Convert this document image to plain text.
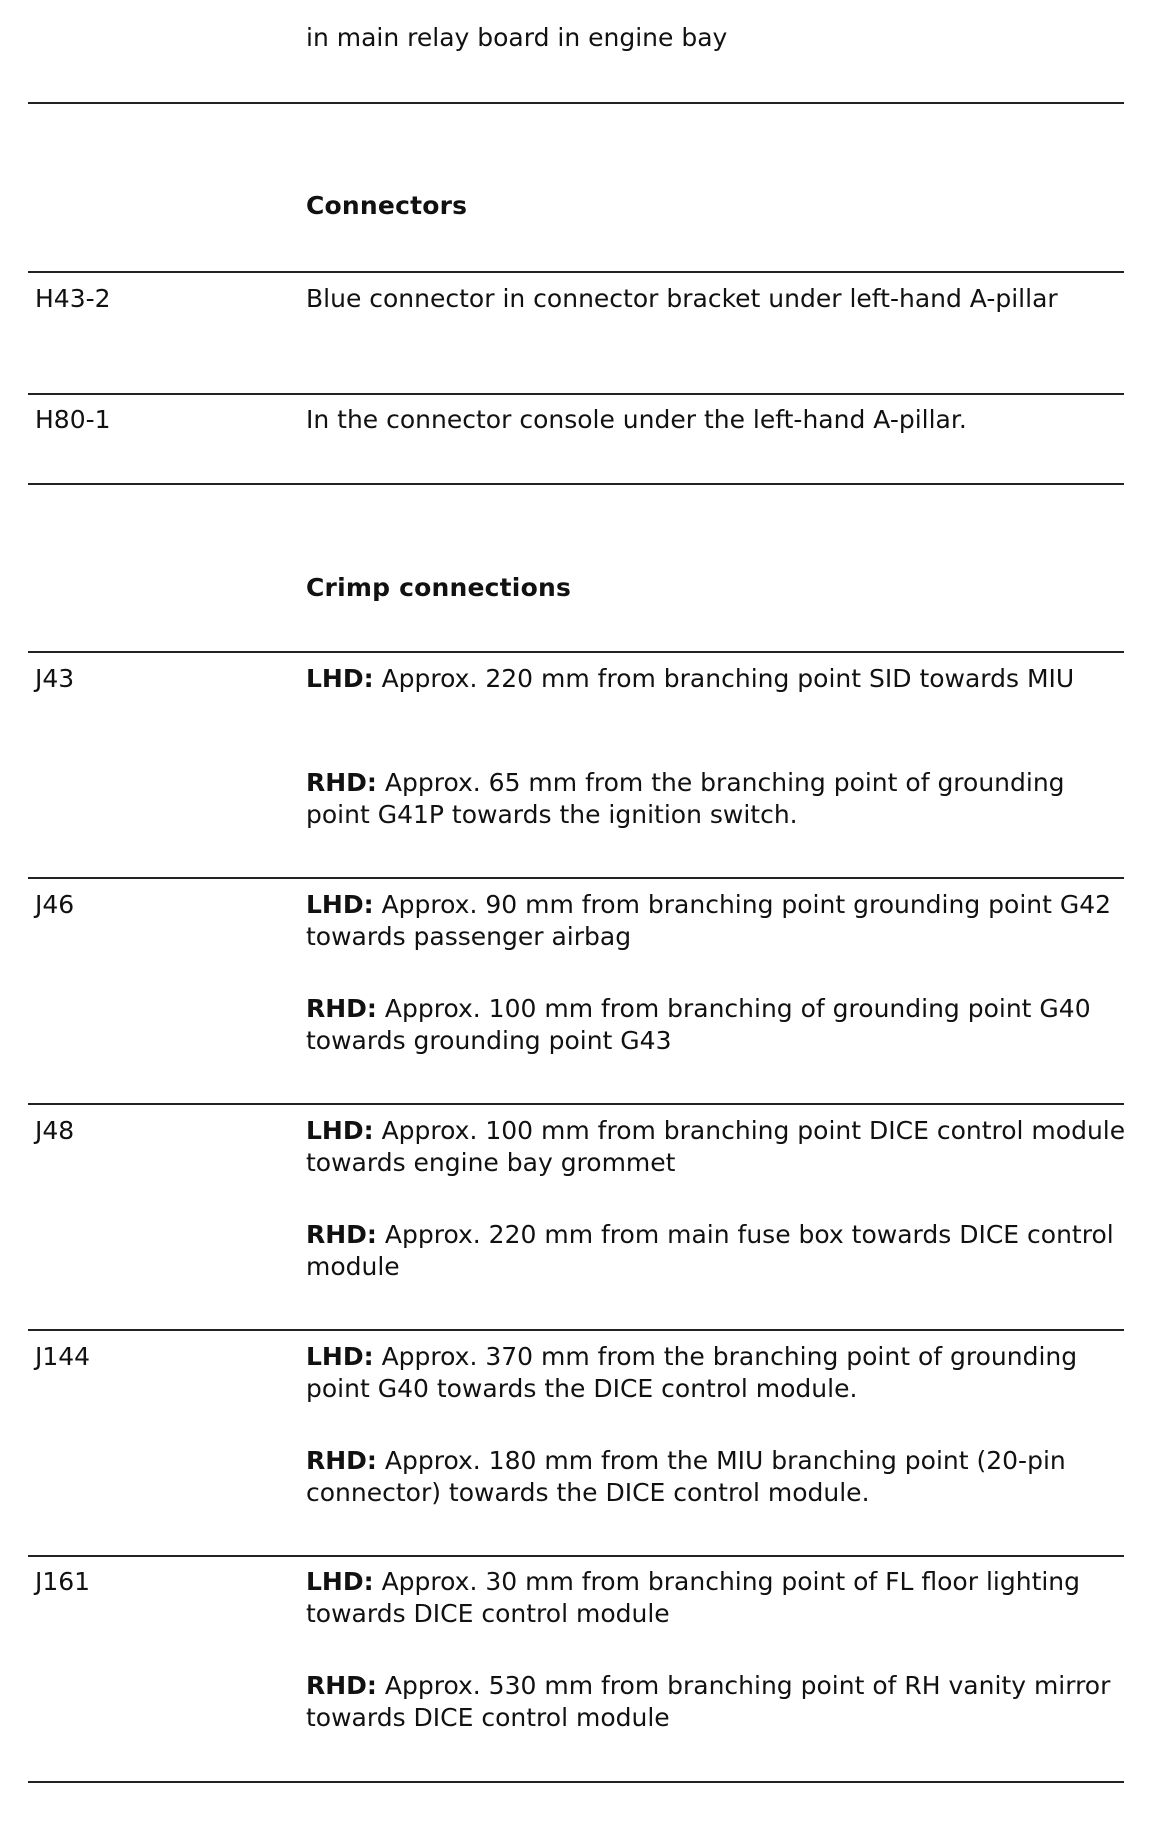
in main relay board in engine bay
Connectors
H43-2	Blue connector in connector bracket under left-hand A-pillar
H80-1	In the connector console under the left-hand A-pillar.
Crimp connections
J43	LHD: Approx. 220 mm from branching point SID towards MIU
RHD: Approx. 65 mm from the branching point of grounding point G41P towards the ignition switch.
J46	LHD: Approx. 90 mm from branching point grounding point G42 towards passenger airbag
RHD: Approx. 100 mm from branching of grounding point G40 towards grounding point G43
J48	LHD: Approx. 100 mm from branching point DICE control module towards engine bay grommet
RHD: Approx. 220 mm from main fuse box towards DICE control module
J144	LHD: Approx. 370 mm from the branching point of grounding point G40 towards the DICE control module.
RHD: Approx. 180 mm from the MIU branching point (20-pin connector) towards the DICE control module.
J161	LHD: Approx. 30 mm from branching point of FL floor lighting towards DICE control module
RHD: Approx. 530 mm from branching point of RH vanity mirror towards DICE control module
